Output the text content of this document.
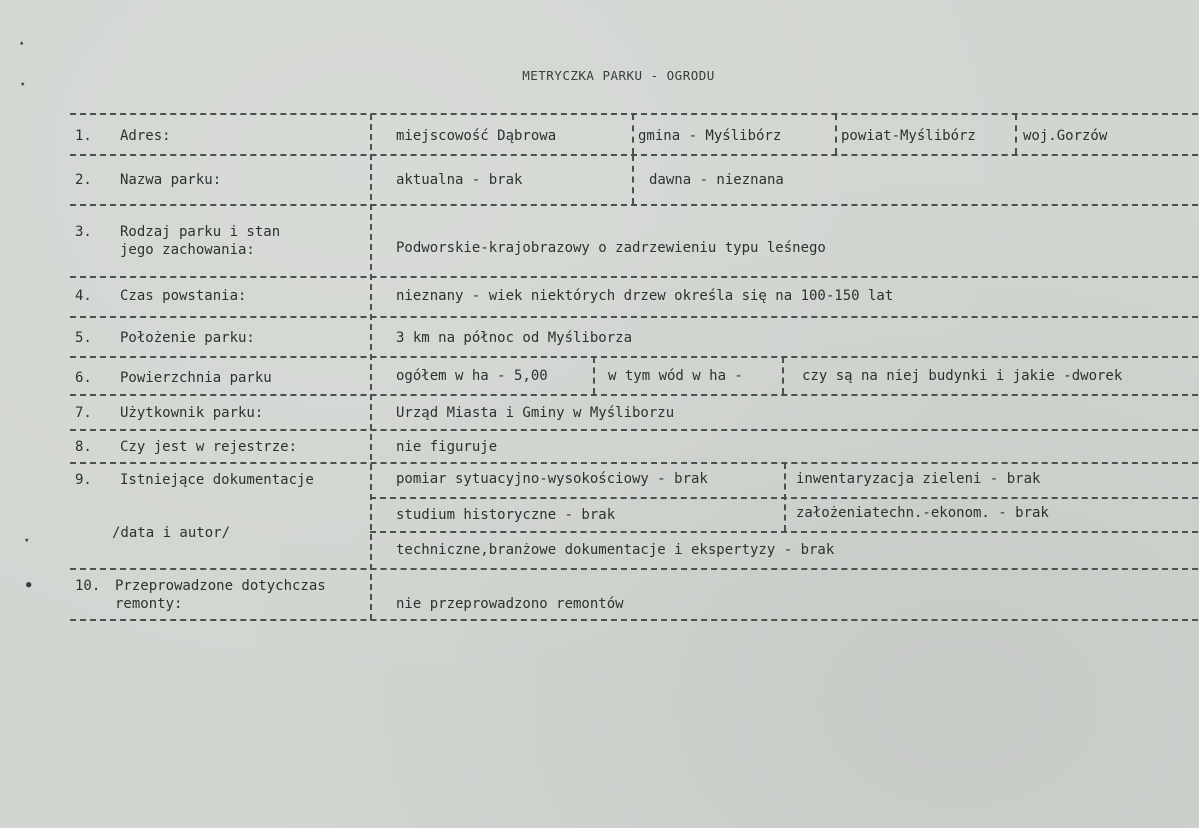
▴
▾
▾
●
METRYCZKA PARKU - OGRODU
1. Adres:	miejscowość Dąbrowa	gmina - Myślibórz	powiat-Myślibórz	woj.Gorzów
2. Nazwa parku:	aktualna - brak	dawna - nieznana
3. Rodzaj parku i stan
jego zachowania:	Podworskie-krajobrazowy o zadrzewieniu typu leśnego
4. Czas powstania:	nieznany - wiek niektórych drzew określa się na 100-150 lat
5. Położenie parku:	3 km na północ od Myśliborza
6. Powierzchnia parku	ogółem w ha - 5,00	w tym wód w ha -	czy są na niej budynki i jakie -dworek
7. Użytkownik parku:	Urząd Miasta i Gminy w Myśliborzu
8. Czy jest w rejestrze:	nie figuruje
9. Istniejące dokumentacje
/data i autor/
pomiar sytuacyjno-wysokościowy - brak	inwentaryzacja zieleni - brak
studium historyczne - brak	założeniatechn.-ekonom. - brak
techniczne,branżowe dokumentacje i ekspertyzy - brak
10. Przeprowadzone dotychczas
remonty:	nie przeprowadzono remontów
